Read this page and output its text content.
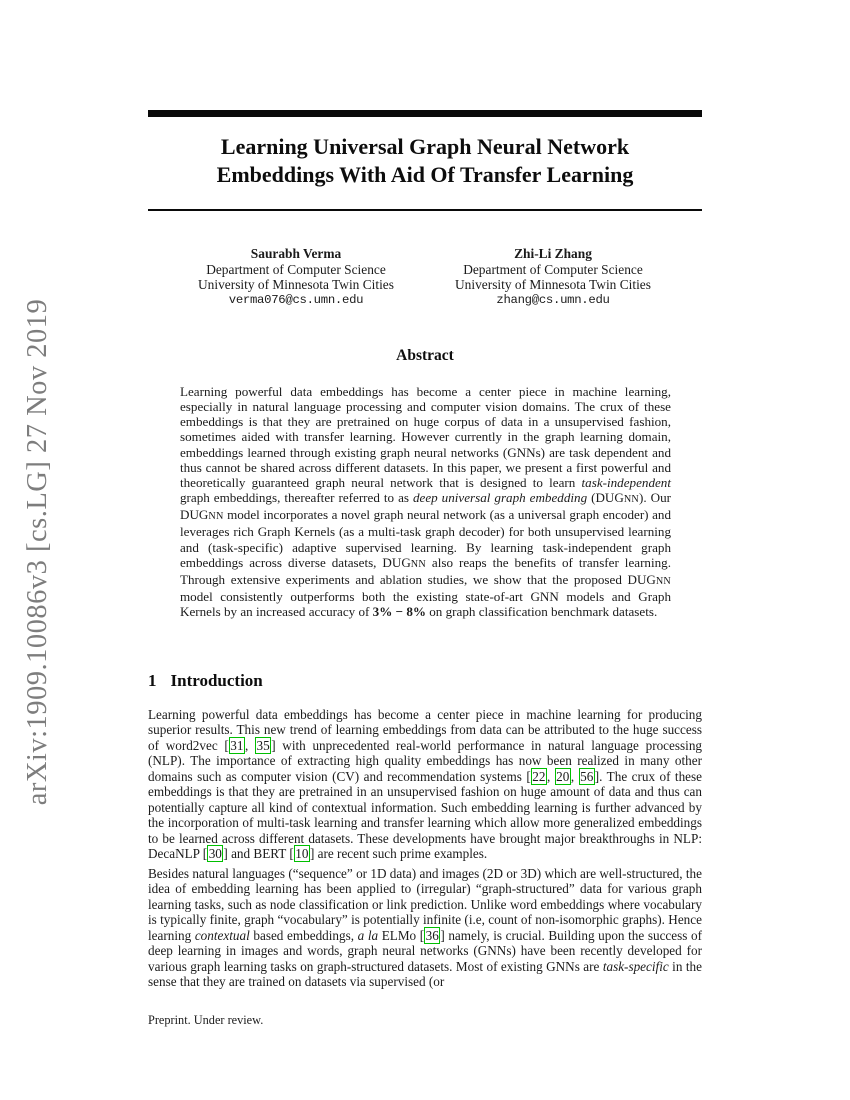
arXiv:1909.10086v3 [cs.LG] 27 Nov 2019
Learning Universal Graph Neural Network
Embeddings With Aid Of Transfer Learning
Saurabh Verma
Department of Computer Science
University of Minnesota Twin Cities
verma076@cs.umn.edu
Zhi-Li Zhang
Department of Computer Science
University of Minnesota Twin Cities
zhang@cs.umn.edu
Abstract
Learning powerful data embeddings has become a center piece in machine learning, especially in natural language processing and computer vision domains. The crux of these embeddings is that they are pretrained on huge corpus of data in a unsupervised fashion, sometimes aided with transfer learning. However currently in the graph learning domain, embeddings learned through existing graph neural networks (GNNs) are task dependent and thus cannot be shared across different datasets. In this paper, we present a first powerful and theoretically guaranteed graph neural network that is designed to learn task-independent graph embeddings, thereafter referred to as deep universal graph embedding (DUGNN). Our DUGNN model incorporates a novel graph neural network (as a universal graph encoder) and leverages rich Graph Kernels (as a multi-task graph decoder) for both unsupervised learning and (task-specific) adaptive supervised learning. By learning task-independent graph embeddings across diverse datasets, DUGNN also reaps the benefits of transfer learning. Through extensive experiments and ablation studies, we show that the proposed DUGNN model consistently outperforms both the existing state-of-art GNN models and Graph Kernels by an increased accuracy of 3% − 8% on graph classification benchmark datasets.
1 Introduction
Learning powerful data embeddings has become a center piece in machine learning for producing superior results. This new trend of learning embeddings from data can be attributed to the huge success of word2vec [ 31 , 35 ] with unprecedented real-world performance in natural language processing (NLP). The importance of extracting high quality embeddings has now been realized in many other domains such as computer vision (CV) and recommendation systems [ 22 , 20 , 56 ]. The crux of these embeddings is that they are pretrained in an unsupervised fashion on huge amount of data and thus can potentially capture all kind of contextual information. Such embedding learning is further advanced by the incorporation of multi-task learning and transfer learning which allow more generalized embeddings to be learned across different datasets. These developments have brought major breakthroughs in NLP: DecaNLP [ 30 ] and BERT [ 10 ] are recent such prime examples.
Besides natural languages (“sequence” or 1D data) and images (2D or 3D) which are well-structured, the idea of embedding learning has been applied to (irregular) “graph-structured” data for various graph learning tasks, such as node classification or link prediction. Unlike word embeddings where vocabulary is typically finite, graph “vocabulary” is potentially infinite (i.e, count of non-isomorphic graphs). Hence learning contextual based embeddings, a la ELMo [ 36 ] namely, is crucial. Building upon the success of deep learning in images and words, graph neural networks (GNNs) have been recently developed for various graph learning tasks on graph-structured datasets. Most of existing GNNs are task-specific in the sense that they are trained on datasets via supervised (or
Preprint. Under review.
